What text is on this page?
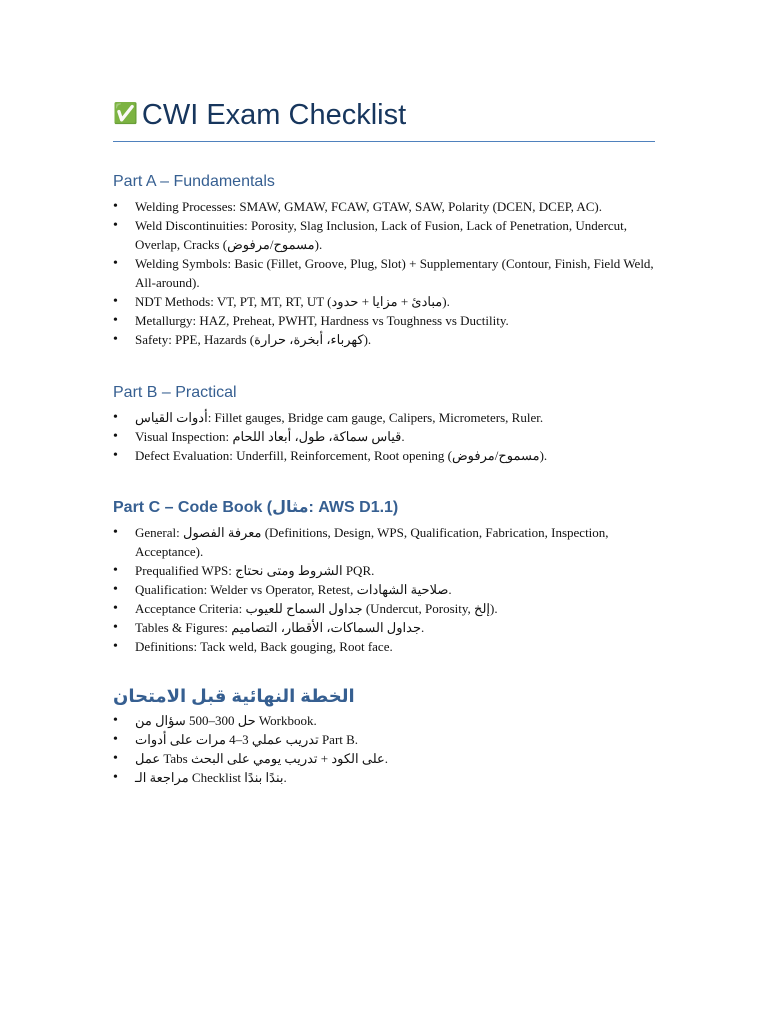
✅ CWI Exam Checklist
Part A – Fundamentals
• Welding Processes: SMAW, GMAW, FCAW, GTAW, SAW, Polarity (DCEN, DCEP, AC).
• Weld Discontinuities: Porosity, Slag Inclusion, Lack of Fusion, Lack of Penetration, Undercut, Overlap, Cracks (مسموح/مرفوض).
• Welding Symbols: Basic (Fillet, Groove, Plug, Slot) + Supplementary (Contour, Finish, Field Weld, All-around).
• NDT Methods: VT, PT, MT, RT, UT (مبادئ + مزايا + حدود).
• Metallurgy: HAZ, Preheat, PWHT, Hardness vs Toughness vs Ductility.
• Safety: PPE, Hazards (كهرباء، أبخرة، حرارة).
Part B – Practical
• أدوات القياس: Fillet gauges, Bridge cam gauge, Calipers, Micrometers, Ruler.
• Visual Inspection: قياس سماكة، طول، أبعاد اللحام.
• Defect Evaluation: Underfill, Reinforcement, Root opening (مسموح/مرفوض).
Part C – Code Book (مثال: AWS D1.1)
• General: معرفة الفصول (Definitions, Design, WPS, Qualification, Fabrication, Inspection, Acceptance).
• Prequalified WPS: الشروط ومتى نحتاج PQR.
• Qualification: Welder vs Operator, Retest, صلاحية الشهادات.
• Acceptance Criteria: جداول السماح للعيوب (Undercut, Porosity, إلخ).
• Tables & Figures: جداول السماكات، الأقطار، التصاميم.
• Definitions: Tack weld, Back gouging, Root face.
الخطة النهائية قبل الامتحان
• حل 300–500 سؤال من Workbook.
• تدريب عملي 3–4 مرات على أدوات Part B.
• عمل Tabs على الكود + تدريب يومي على البحث.
• مراجعة الـ Checklist بندًا بندًا.
